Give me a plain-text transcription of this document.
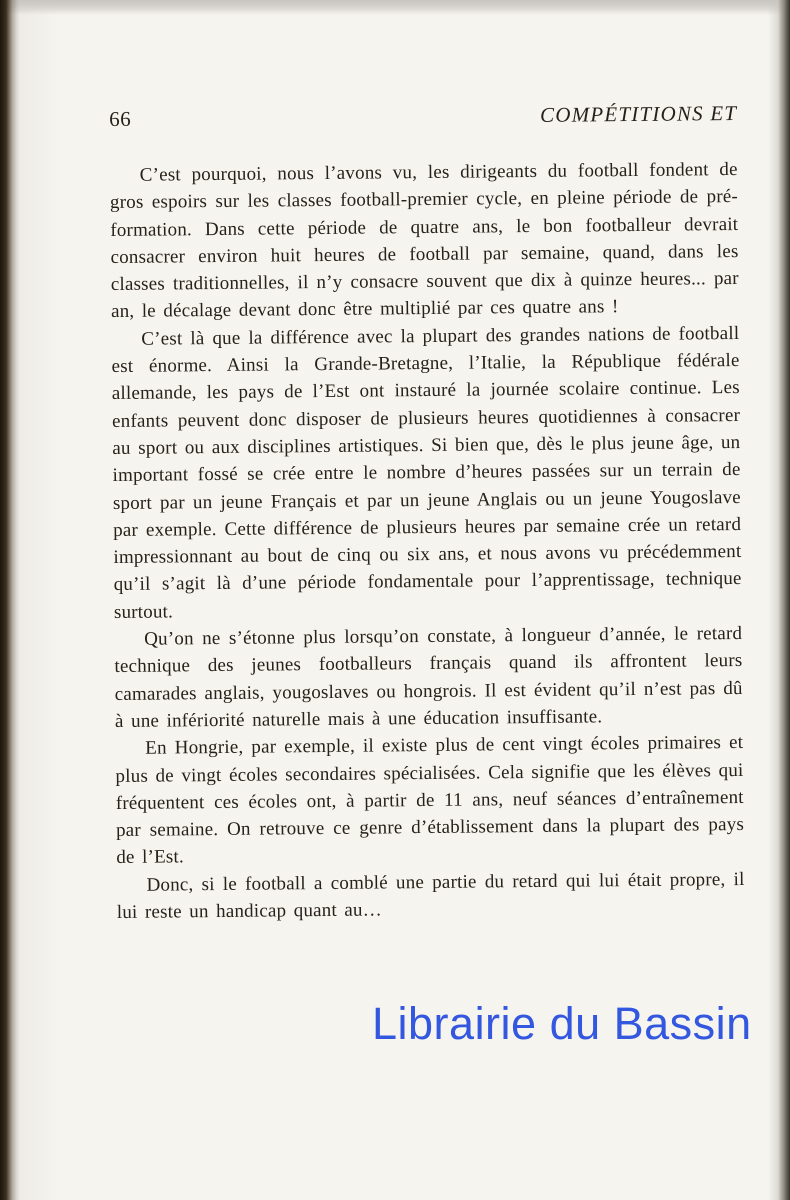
66	COMPÉTITIONS ET

C’est pourquoi, nous l’avons vu, les dirigeants du football fondent de gros espoirs sur les classes football-premier cycle, en pleine période de pré-formation. Dans cette période de quatre ans, le bon footballeur devrait consacrer environ huit heures de football par semaine, quand, dans les classes traditionnelles, il n’y consacre souvent que dix à quinze heures... par an, le décalage devant donc être multiplié par ces quatre ans !

C’est là que la différence avec la plupart des grandes nations de football est énorme. Ainsi la Grande-Bretagne, l’Italie, la République fédérale allemande, les pays de l’Est ont instauré la journée scolaire continue. Les enfants peuvent donc disposer de plusieurs heures quotidiennes à consacrer au sport ou aux disciplines artistiques. Si bien que, dès le plus jeune âge, un important fossé se crée entre le nombre d’heures passées sur un terrain de sport par un jeune Français et par un jeune Anglais ou un jeune Yougoslave par exemple. Cette différence de plusieurs heures par semaine crée un retard impressionnant au bout de cinq ou six ans, et nous avons vu précédemment qu’il s’agit là d’une période fondamentale pour l’apprentissage, technique surtout.

Qu’on ne s’étonne plus lorsqu’on constate, à longueur d’année, le retard technique des jeunes footballeurs français quand ils affrontent leurs camarades anglais, yougoslaves ou hongrois. Il est évident qu’il n’est pas dû à une infériorité naturelle mais à une éducation insuffisante.

En Hongrie, par exemple, il existe plus de cent vingt écoles primaires et plus de vingt écoles secondaires spécialisées. Cela signifie que les élèves qui fréquentent ces écoles ont, à partir de 11 ans, neuf séances d’entraînement par semaine. On retrouve ce genre d’établissement dans la plupart des pays de l’Est.

Donc, si le football a comblé une partie du retard qui lui était propre, il lui reste un handicap quant au…

Librairie du Bassin
